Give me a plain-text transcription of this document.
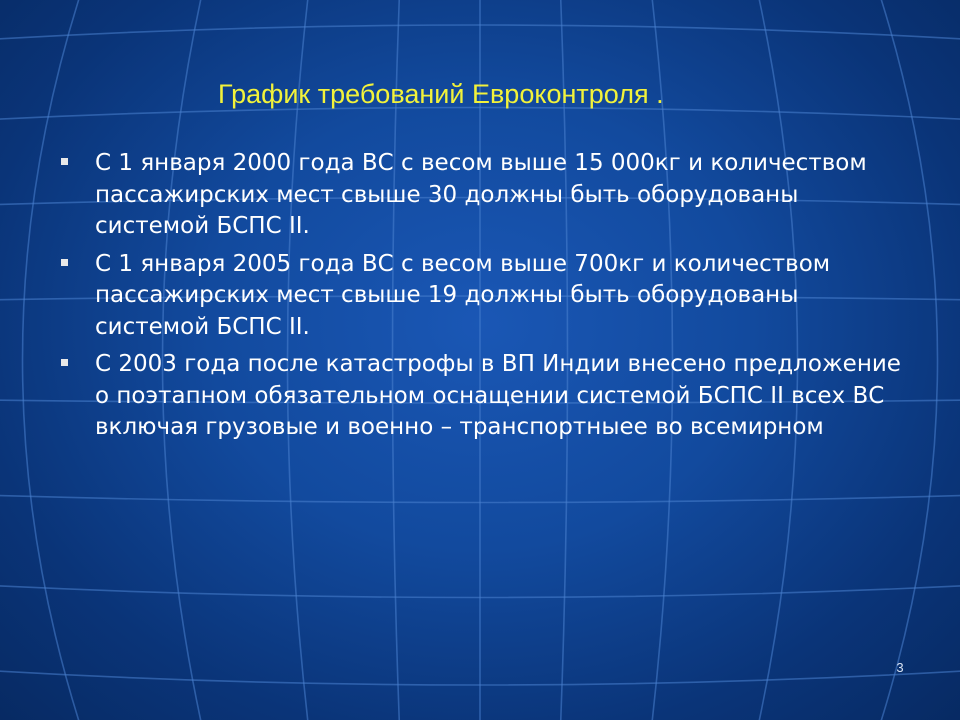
График требований Евроконтроля .
С 1 января 2000 года ВС с весом выше 15 000кг и количеством пассажирских мест свыше 30 должны быть оборудованы системой БСПС II.
С 1 января 2005 года ВС с весом выше 700кг и количеством пассажирских мест свыше 19 должны быть оборудованы системой БСПС II.
С 2003 года после катастрофы в ВП Индии внесено предложение о поэтапном обязательном оснащении системой БСПС II всех ВС включая грузовые и военно – транспортныее во всемирном
3
